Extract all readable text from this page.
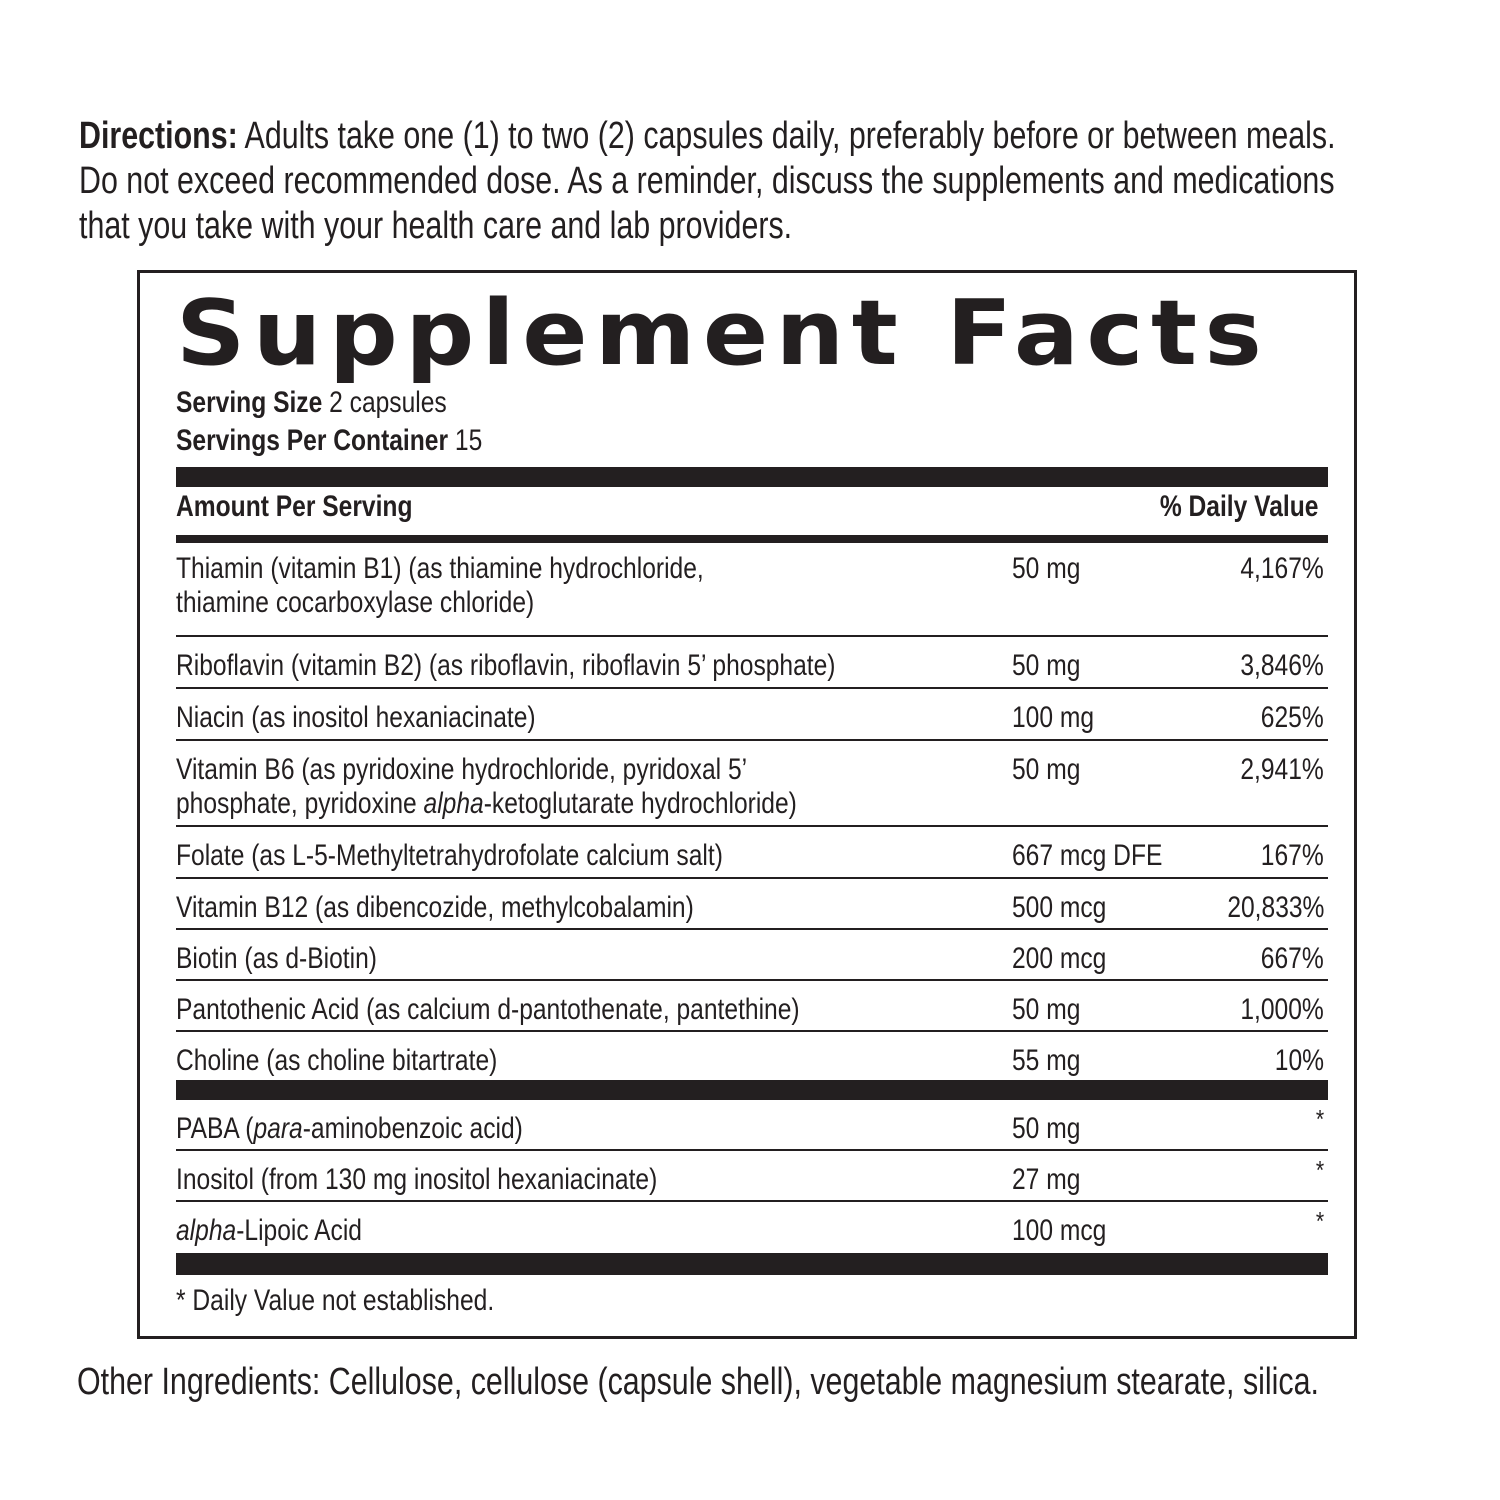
Directions: Adults take one (1) to two (2) capsules daily, preferably before or between meals.
Do not exceed recommended dose. As a reminder, discuss the supplements and medications
that you take with your health care and lab providers.
Supplement Facts
Serving Size 2 capsules
Servings Per Container 15
Amount Per Serving	% Daily Value
Thiamin (vitamin B1) (as thiamine hydrochloride,
thiamine cocarboxylase chloride)
50 mg	4,167%
Riboflavin (vitamin B2) (as riboflavin, riboflavin 5’ phosphate)	50 mg	3,846%
Niacin (as inositol hexaniacinate)	100 mg	625%
Vitamin B6 (as pyridoxine hydrochloride, pyridoxal 5’
phosphate, pyridoxine alpha-ketoglutarate hydrochloride)
50 mg	2,941%
Folate (as L-5-Methyltetrahydrofolate calcium salt)	667 mcg DFE	167%
Vitamin B12 (as dibencozide, methylcobalamin)	500 mcg	20,833%
Biotin (as d-Biotin)	200 mcg	667%
Pantothenic Acid (as calcium d-pantothenate, pantethine)	50 mg	1,000%
Choline (as choline bitartrate)	55 mg	10%
PABA (para-aminobenzoic acid)	50 mg	*
Inositol (from 130 mg inositol hexaniacinate)	27 mg	*
alpha-Lipoic Acid	100 mcg	*
* Daily Value not established.
Other Ingredients: Cellulose, cellulose (capsule shell), vegetable magnesium stearate, silica.
